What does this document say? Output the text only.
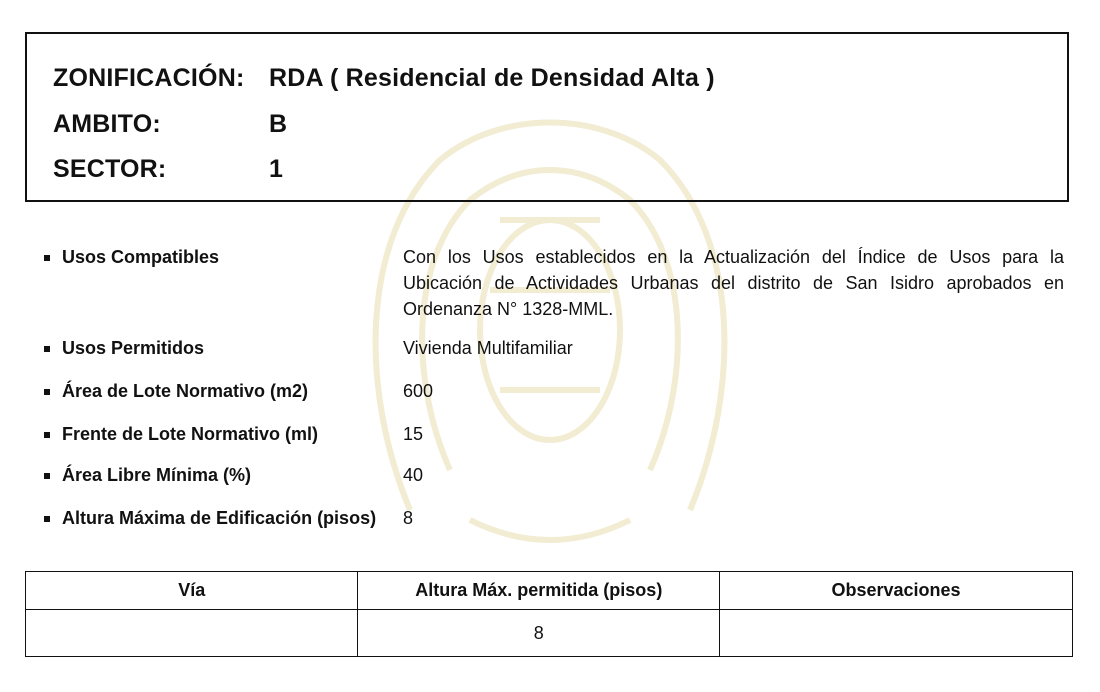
ZONIFICACIÓN: RDA ( Residencial de Densidad Alta )
AMBITO:	B
SECTOR:	1
Usos Compatibles	Con los Usos establecidos en la Actualización del Índice de Usos para la Ubicación de Actividades Urbanas del distrito de San Isidro aprobados en Ordenanza N° 1328-MML.
Usos Permitidos	Vivienda Multifamiliar
Área de Lote Normativo (m2)	600
Frente de Lote Normativo (ml)	15
Área Libre Mínima (%)	40
Altura Máxima de Edificación (pisos) 8
Vía	Altura Máx. permitida (pisos)	Observaciones
	8	
